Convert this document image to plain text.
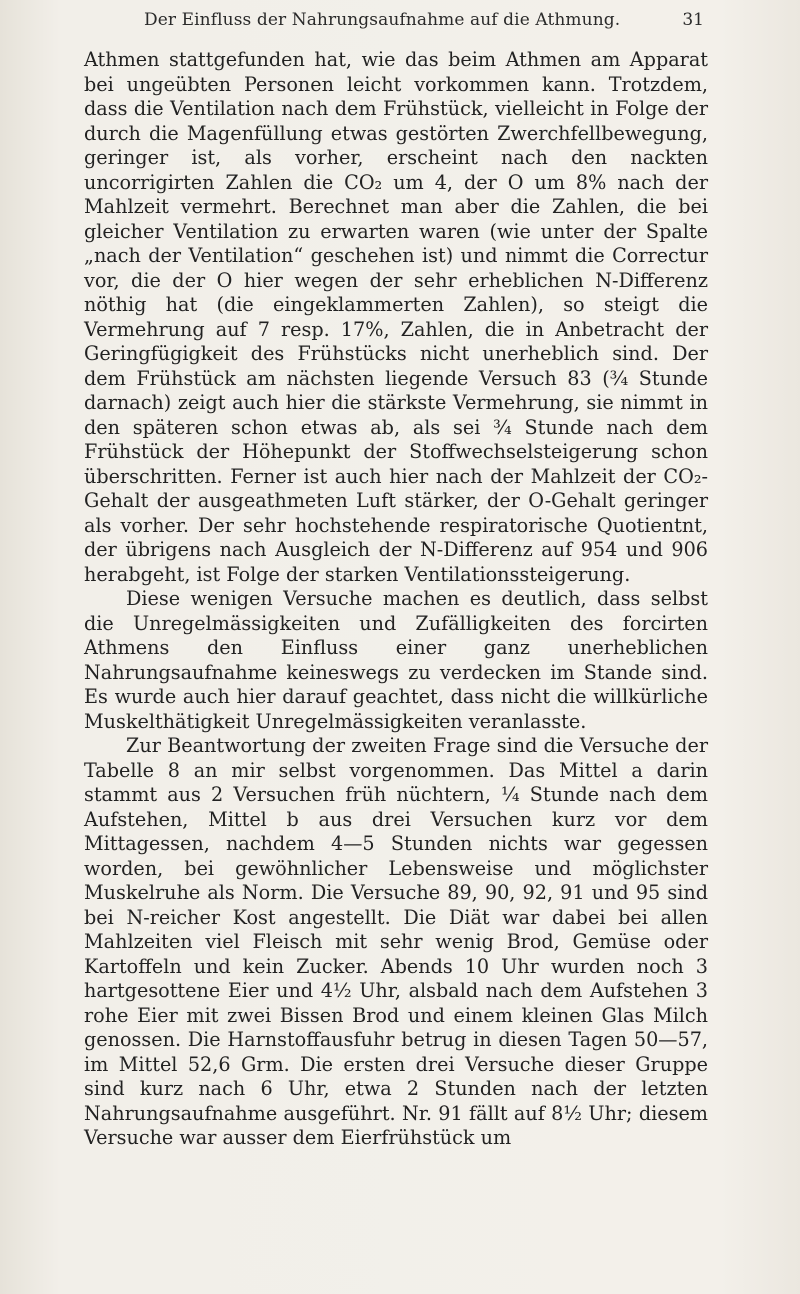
Der Einfluss der Nahrungsaufnahme auf die Athmung.	31

Athmen stattgefunden hat, wie das beim Athmen am Apparat bei ungeübten Personen leicht vorkommen kann. Trotzdem, dass die Ventilation nach dem Frühstück, vielleicht in Folge der durch die Magenfüllung etwas gestörten Zwerchfellbewegung, geringer ist, als vorher, erscheint nach den nackten uncorrigirten Zahlen die CO₂ um 4, der O um 8% nach der Mahlzeit vermehrt. Berechnet man aber die Zahlen, die bei gleicher Ventilation zu erwarten waren (wie unter der Spalte „nach der Ventilation“ geschehen ist) und nimmt die Correctur vor, die der O hier wegen der sehr erheblichen N-Differenz nöthig hat (die eingeklammerten Zahlen), so steigt die Vermehrung auf 7 resp. 17%, Zahlen, die in Anbetracht der Geringfügigkeit des Frühstücks nicht unerheblich sind. Der dem Frühstück am nächsten liegende Versuch 83 (¾ Stunde darnach) zeigt auch hier die stärkste Vermehrung, sie nimmt in den späteren schon etwas ab, als sei ¾ Stunde nach dem Frühstück der Höhepunkt der Stoffwechselsteigerung schon überschritten. Ferner ist auch hier nach der Mahlzeit der CO₂-Gehalt der ausgeathmeten Luft stärker, der O-Gehalt geringer als vorher. Der sehr hochstehende respiratorische Quotientnt, der übrigens nach Ausgleich der N-Differenz auf 954 und 906 herabgeht, ist Folge der starken Ventilationssteigerung.

Diese wenigen Versuche machen es deutlich, dass selbst die Unregelmässigkeiten und Zufälligkeiten des forcirten Athmens den Einfluss einer ganz unerheblichen Nahrungsaufnahme keineswegs zu verdecken im Stande sind. Es wurde auch hier darauf geachtet, dass nicht die willkürliche Muskelthätigkeit Unregelmässigkeiten veranlasste.

Zur Beantwortung der zweiten Frage sind die Versuche der Tabelle 8 an mir selbst vorgenommen. Das Mittel a darin stammt aus 2 Versuchen früh nüchtern, ¼ Stunde nach dem Aufstehen, Mittel b aus drei Versuchen kurz vor dem Mittagessen, nachdem 4—5 Stunden nichts war gegessen worden, bei gewöhnlicher Lebensweise und möglichster Muskelruhe als Norm. Die Versuche 89, 90, 92, 91 und 95 sind bei N-reicher Kost angestellt. Die Diät war dabei bei allen Mahlzeiten viel Fleisch mit sehr wenig Brod, Gemüse oder Kartoffeln und kein Zucker. Abends 10 Uhr wurden noch 3 hartgesottene Eier und 4½ Uhr, alsbald nach dem Aufstehen 3 rohe Eier mit zwei Bissen Brod und einem kleinen Glas Milch genossen. Die Harnstoffausfuhr betrug in diesen Tagen 50—57, im Mittel 52,6 Grm. Die ersten drei Versuche dieser Gruppe sind kurz nach 6 Uhr, etwa 2 Stunden nach der letzten Nahrungsaufnahme ausgeführt. Nr. 91 fällt auf 8½ Uhr; diesem Versuche war ausser dem Eierfrühstück um
